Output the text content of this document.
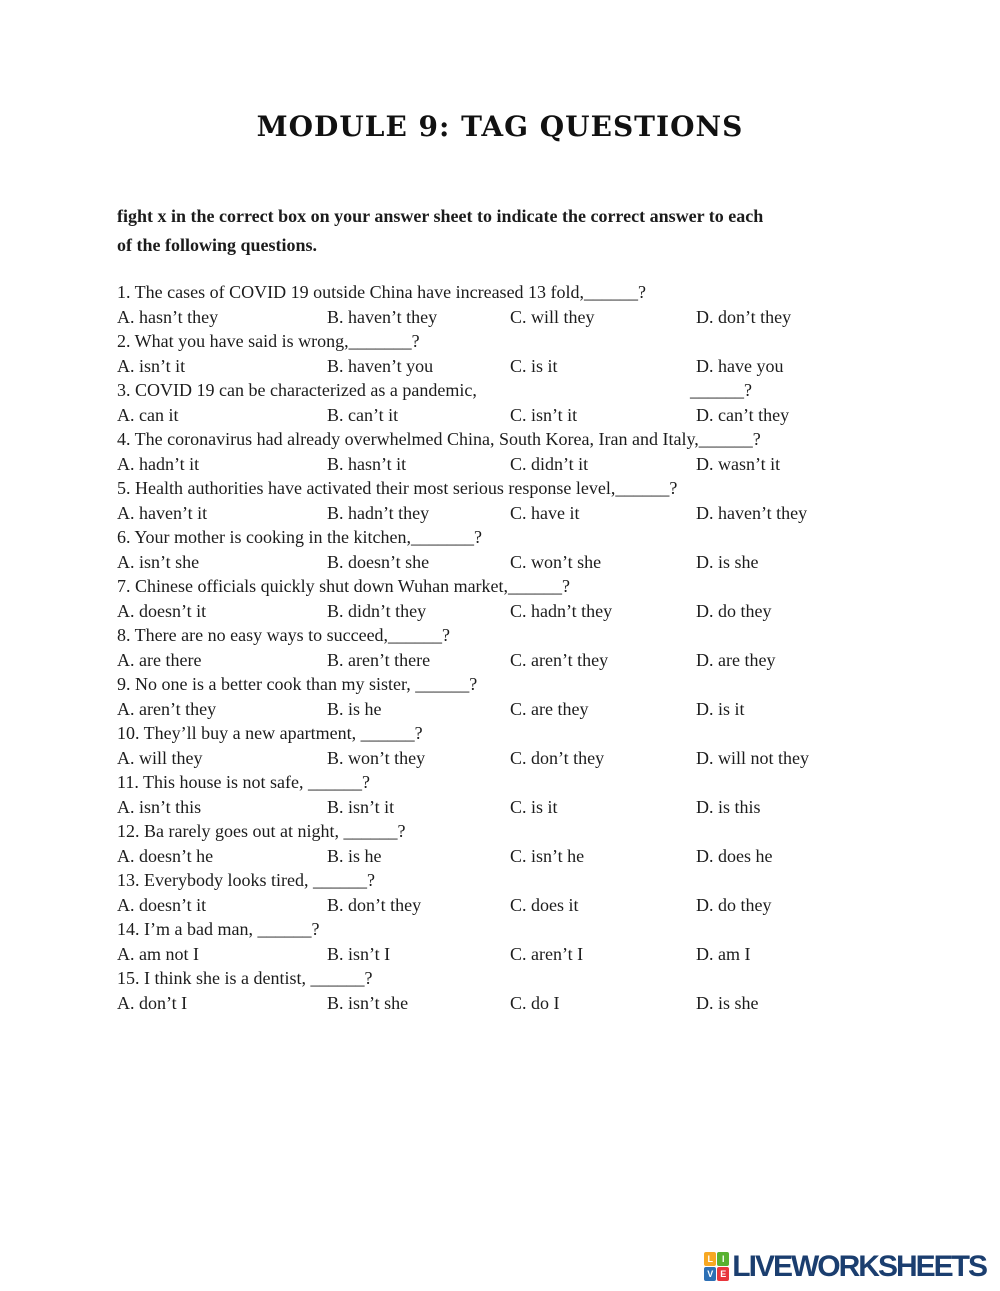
MODULE 9: TAG QUESTIONS

fight x in the correct box on your answer sheet to indicate the correct answer to each
of the following questions.

1. The cases of COVID 19 outside China have increased 13 fold,______?
A. hasn’t they	B. haven’t they	C. will they	D. don’t they
2. What you have said is wrong,_______?
A. isn’t it	B. haven’t you	C. is it	D. have you
3. COVID 19 can be characterized as a pandemic,	______?
A. can it	B. can’t it	C. isn’t it	D. can’t they
4. The coronavirus had already overwhelmed China, South Korea, Iran and Italy,______?
A. hadn’t it	B. hasn’t it	C. didn’t it	D. wasn’t it
5. Health authorities have activated their most serious response level,______?
A. haven’t it	B. hadn’t they	C. have it	D. haven’t they
6. Your mother is cooking in the kitchen,_______?
A. isn’t she	B. doesn’t she	C. won’t she	D. is she
7. Chinese officials quickly shut down Wuhan market,______?
A. doesn’t it	B. didn’t they	C. hadn’t they	D. do they
8. There are no easy ways to succeed,______?
A. are there	B. aren’t there	C. aren’t they	D. are they
9. No one is a better cook than my sister, ______?
A. aren’t they	B. is he	C. are they	D. is it
10. They’ll buy a new apartment, ______?
A. will they	B. won’t they	C. don’t they	D. will not they
11. This house is not safe, ______?
A. isn’t this	B. isn’t it	C. is it	D. is this
12. Ba rarely goes out at night, ______?
A. doesn’t he	B. is he	C. isn’t he	D. does he
13. Everybody looks tired, ______?
A. doesn’t it	B. don’t they	C. does it	D. do they
14. I’m a bad man, ______?
A. am not I	B. isn’t I	C. aren’t I	D. am I
15. I think she is a dentist, ______?
A. don’t I	B. isn’t she	C. do I	D. is she
L I
V E LIVEWORKSHEETS
